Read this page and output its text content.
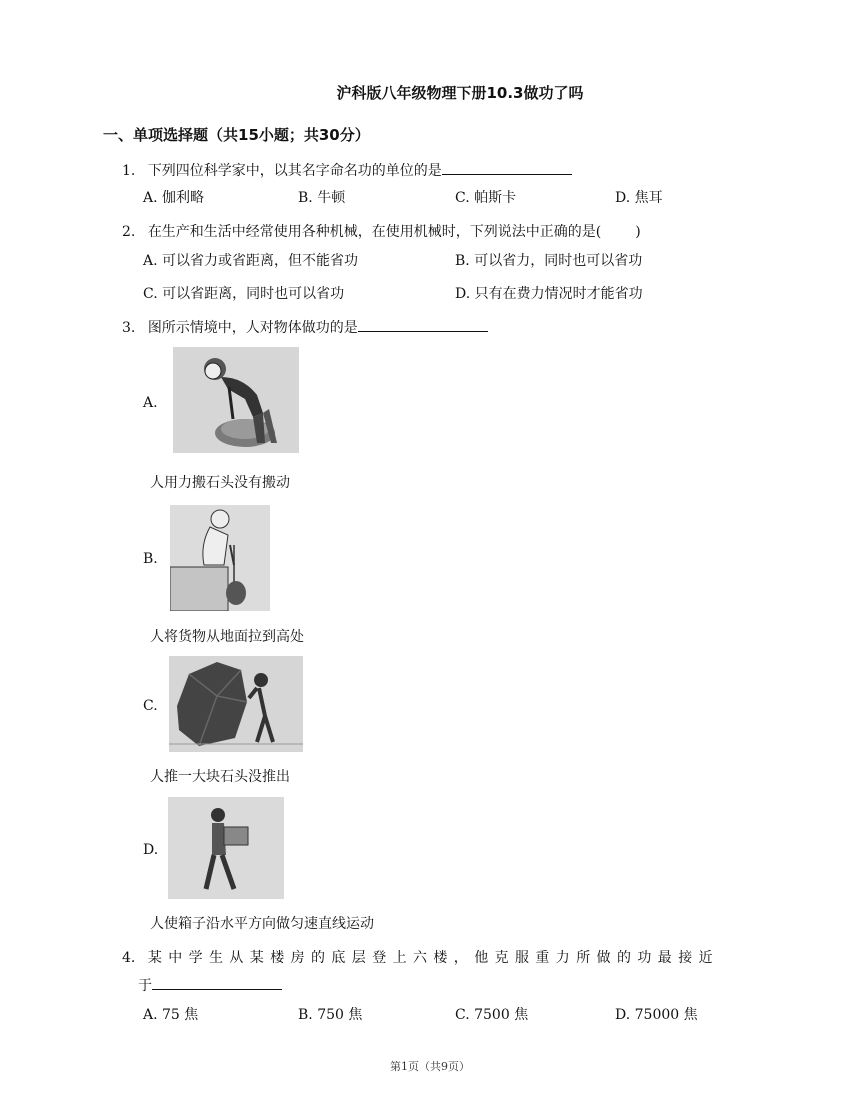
沪科版八年级物理下册10.3做功了吗
一、单项选择题（共15小题；共30分）
1. 下列四位科学家中，以其名字命名功的单位的是
A. 伽利略	B. 牛顿	C. 帕斯卡	D. 焦耳
2. 在生产和生活中经常使用各种机械，在使用机械时，下列说法中正确的是( )
A. 可以省力或省距离，但不能省功	B. 可以省力，同时也可以省功
C. 可以省距离，同时也可以省功	D. 只有在费力情况时才能省功
3. 图所示情境中，人对物体做功的是
A.
人用力搬石头没有搬动
B.
人将货物从地面拉到高处
C.
人推一大块石头没推出
D.
人使箱子沿水平方向做匀速直线运动
4. 某中学生从某楼房的底层登上六楼，他克服重力所做的功最接近
于
A. 75 焦	B. 750 焦	C. 7500 焦	D. 75000 焦
第1页（共9页）
